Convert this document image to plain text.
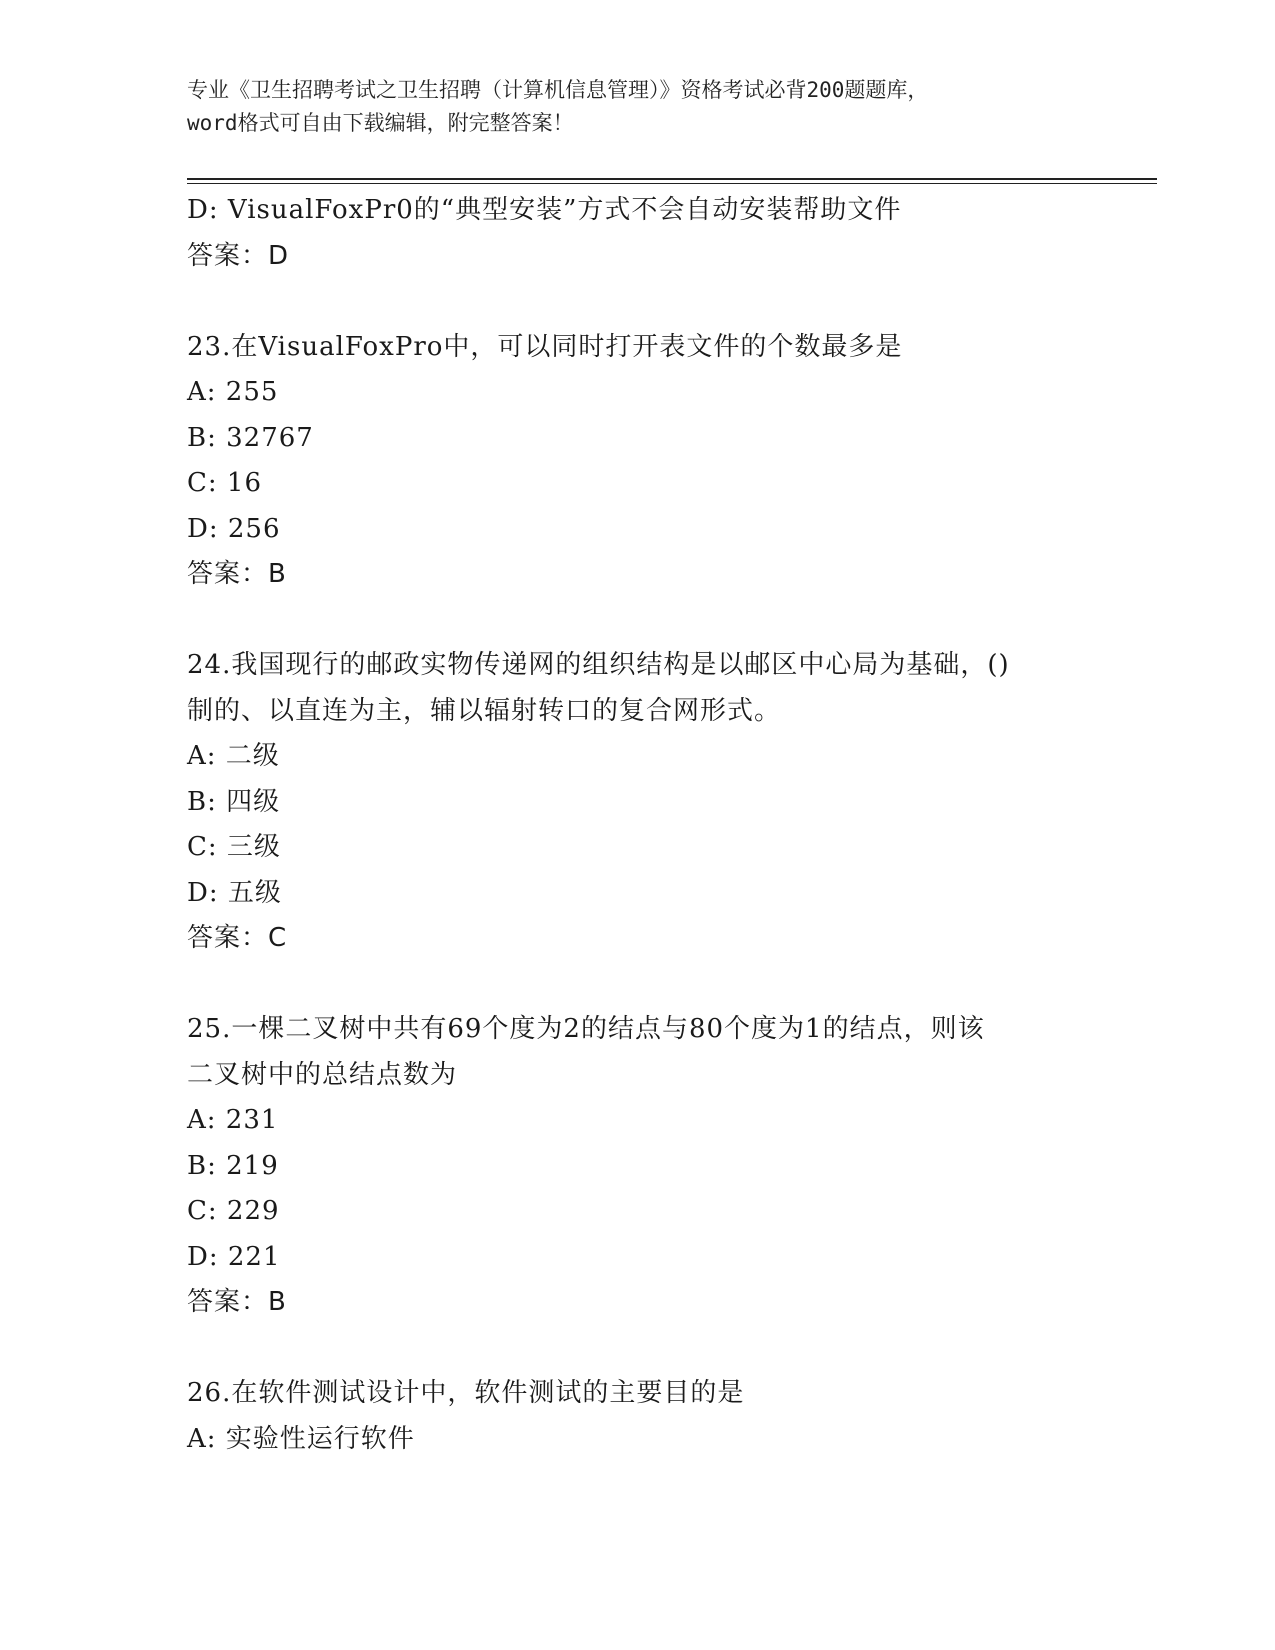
专业《卫生招聘考试之卫生招聘（计算机信息管理）》资格考试必背200题题库，
word格式可自由下载编辑，附完整答案！
D: VisualFoxPr0的“典型安装”方式不会自动安装帮助文件
答案：D
23.在VisualFoxPro中，可以同时打开表文件的个数最多是
A: 255
B: 32767
C: 16
D: 256
答案：B
24.我国现行的邮政实物传递网的组织结构是以邮区中心局为基础，()
制的、以直连为主，辅以辐射转口的复合网形式。
A: 二级
B: 四级
C: 三级
D: 五级
答案：C
25.一棵二叉树中共有69个度为2的结点与80个度为1的结点，则该
二叉树中的总结点数为
A: 231
B: 219
C: 229
D: 221
答案：B
26.在软件测试设计中，软件测试的主要目的是
A: 实验性运行软件
